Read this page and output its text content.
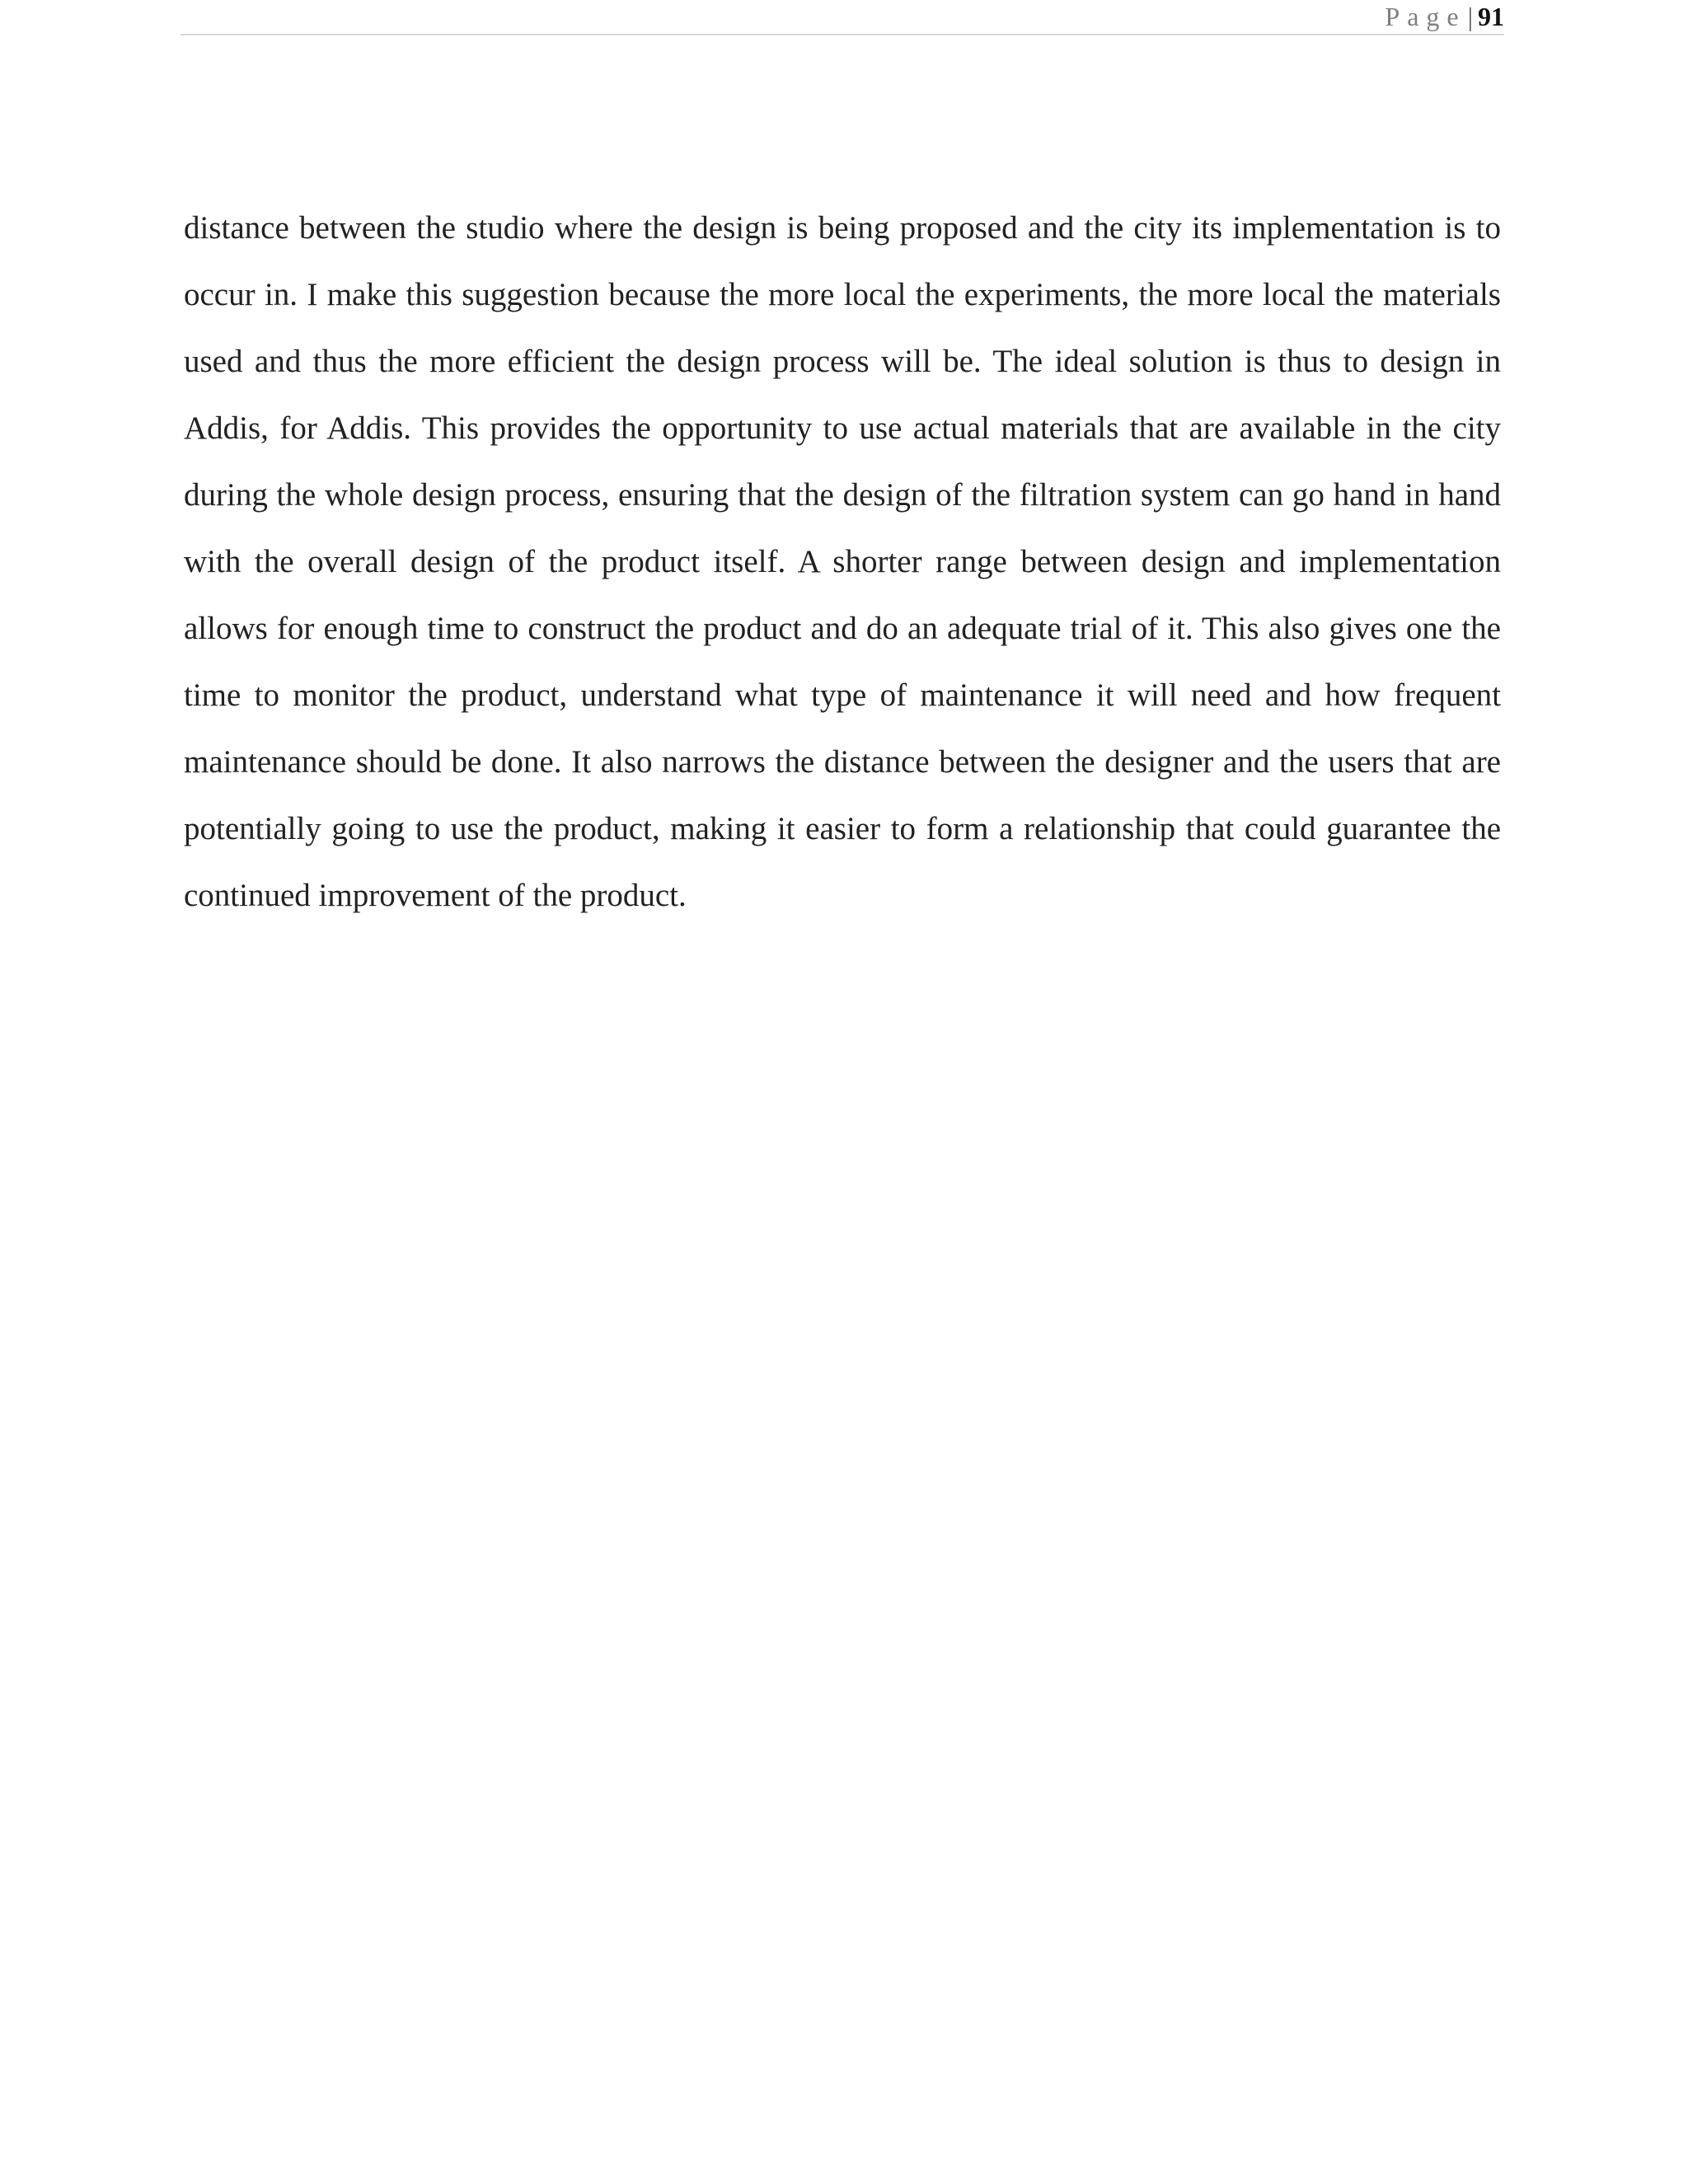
Page| 91

distance between the studio where the design is being proposed and the city its implementation is to occur in. I make this suggestion because the more local the experiments, the more local the materials used and thus the more efficient the design process will be. The ideal solution is thus to design in Addis, for Addis. This provides the opportunity to use actual materials that are available in the city during the whole design process, ensuring that the design of the filtration system can go hand in hand with the overall design of the product itself. A shorter range between design and implementation allows for enough time to construct the product and do an adequate trial of it. This also gives one the time to monitor the product, understand what type of maintenance it will need and how frequent maintenance should be done. It also narrows the distance between the designer and the users that are potentially going to use the product, making it easier to form a relationship that could guarantee the continued improvement of the product.
